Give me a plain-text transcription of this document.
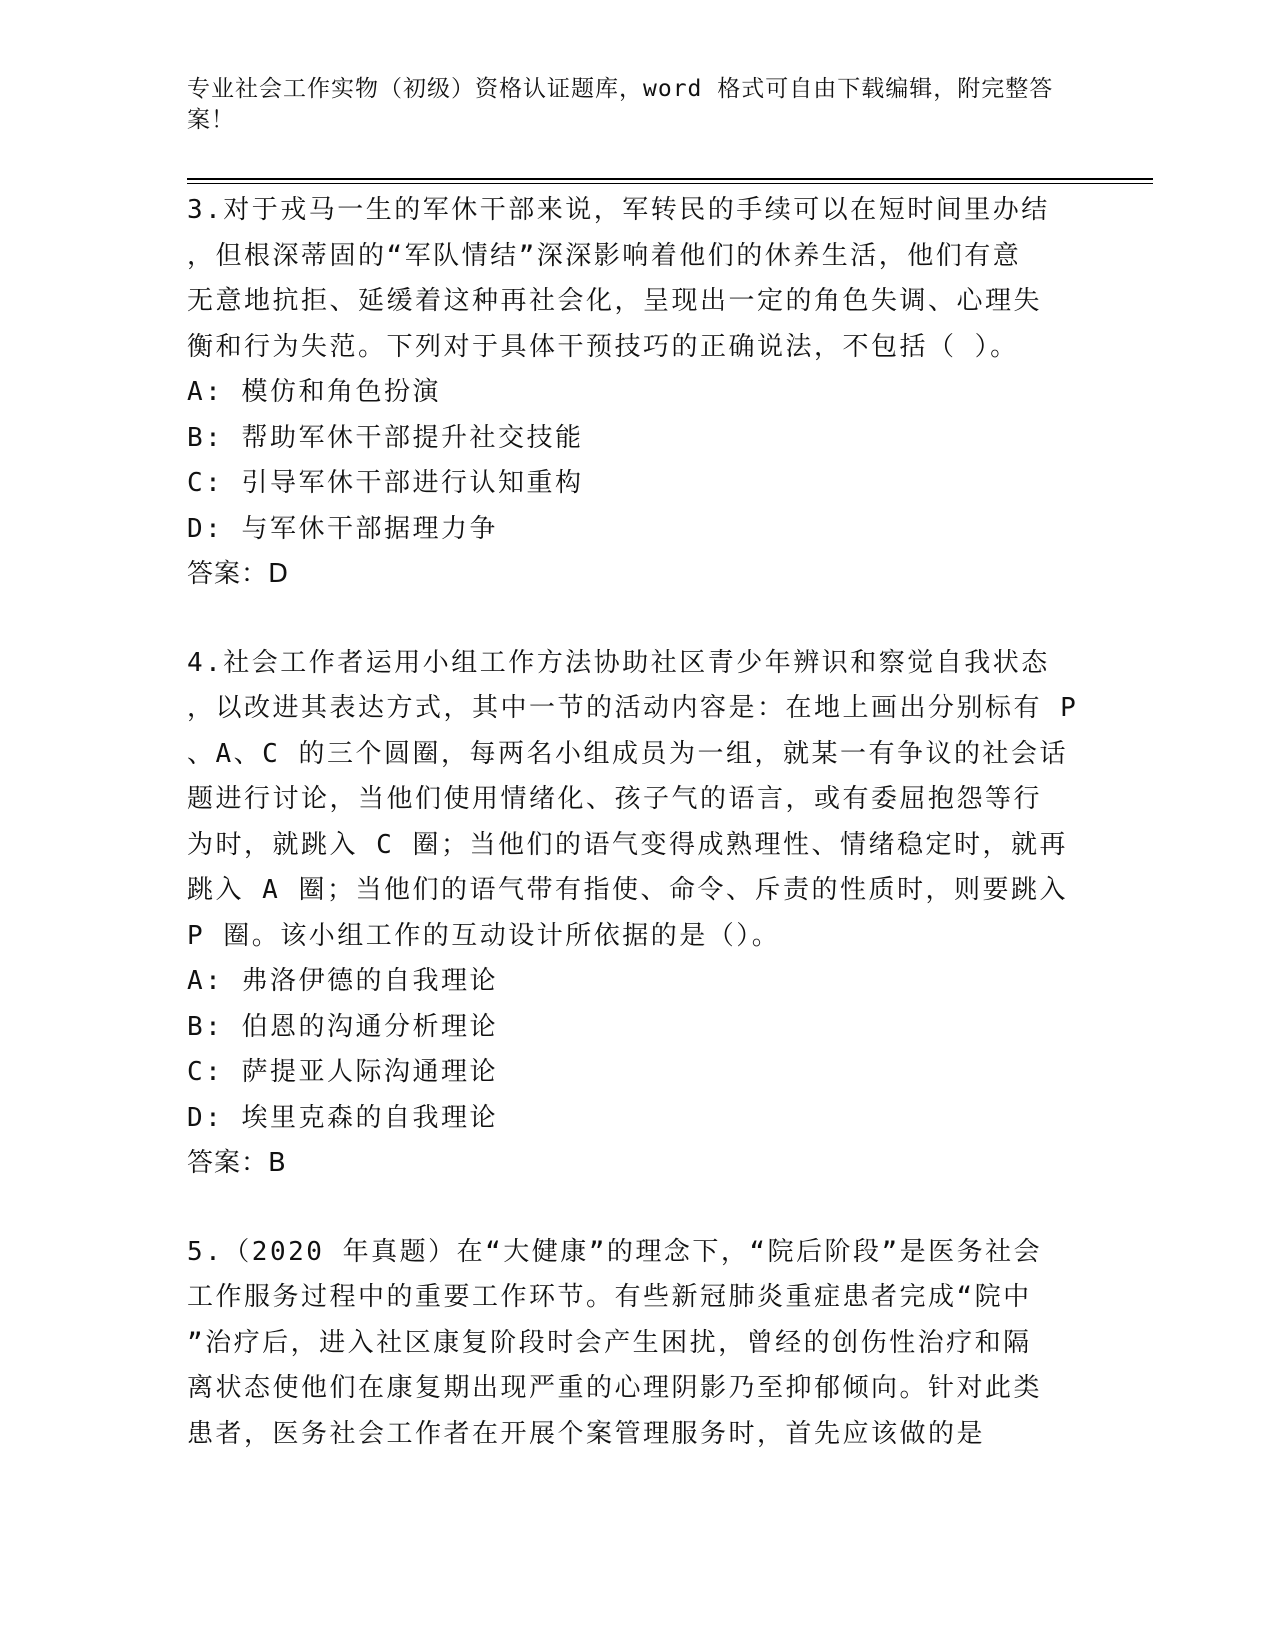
专业社会工作实物（初级）资格认证题库，word 格式可自由下载编辑，附完整答案！

3.对于戎马一生的军休干部来说，军转民的手续可以在短时间里办结
，但根深蒂固的“军队情结”深深影响着他们的休养生活，他们有意
无意地抗拒、延缓着这种再社会化，呈现出一定的角色失调、心理失
衡和行为失范。下列对于具体干预技巧的正确说法，不包括（ ）。

A: 模仿和角色扮演

B: 帮助军休干部提升社交技能

C: 引导军休干部进行认知重构

D: 与军休干部据理力争

答案：D

4.社会工作者运用小组工作方法协助社区青少年辨识和察觉自我状态
，以改进其表达方式，其中一节的活动内容是：在地上画出分别标有 P
、A、C 的三个圆圈，每两名小组成员为一组，就某一有争议的社会话
题进行讨论，当他们使用情绪化、孩子气的语言，或有委屈抱怨等行
为时，就跳入 C 圈；当他们的语气变得成熟理性、情绪稳定时，就再
跳入 A 圈；当他们的语气带有指使、命令、斥责的性质时，则要跳入
P 圈。该小组工作的互动设计所依据的是（）。

A: 弗洛伊德的自我理论

B: 伯恩的沟通分析理论

C: 萨提亚人际沟通理论

D: 埃里克森的自我理论

答案：B

5.（2020 年真题）在“大健康”的理念下，“院后阶段”是医务社会
工作服务过程中的重要工作环节。有些新冠肺炎重症患者完成“院中
”治疗后，进入社区康复阶段时会产生困扰，曾经的创伤性治疗和隔
离状态使他们在康复期出现严重的心理阴影乃至抑郁倾向。针对此类
患者，医务社会工作者在开展个案管理服务时，首先应该做的是
